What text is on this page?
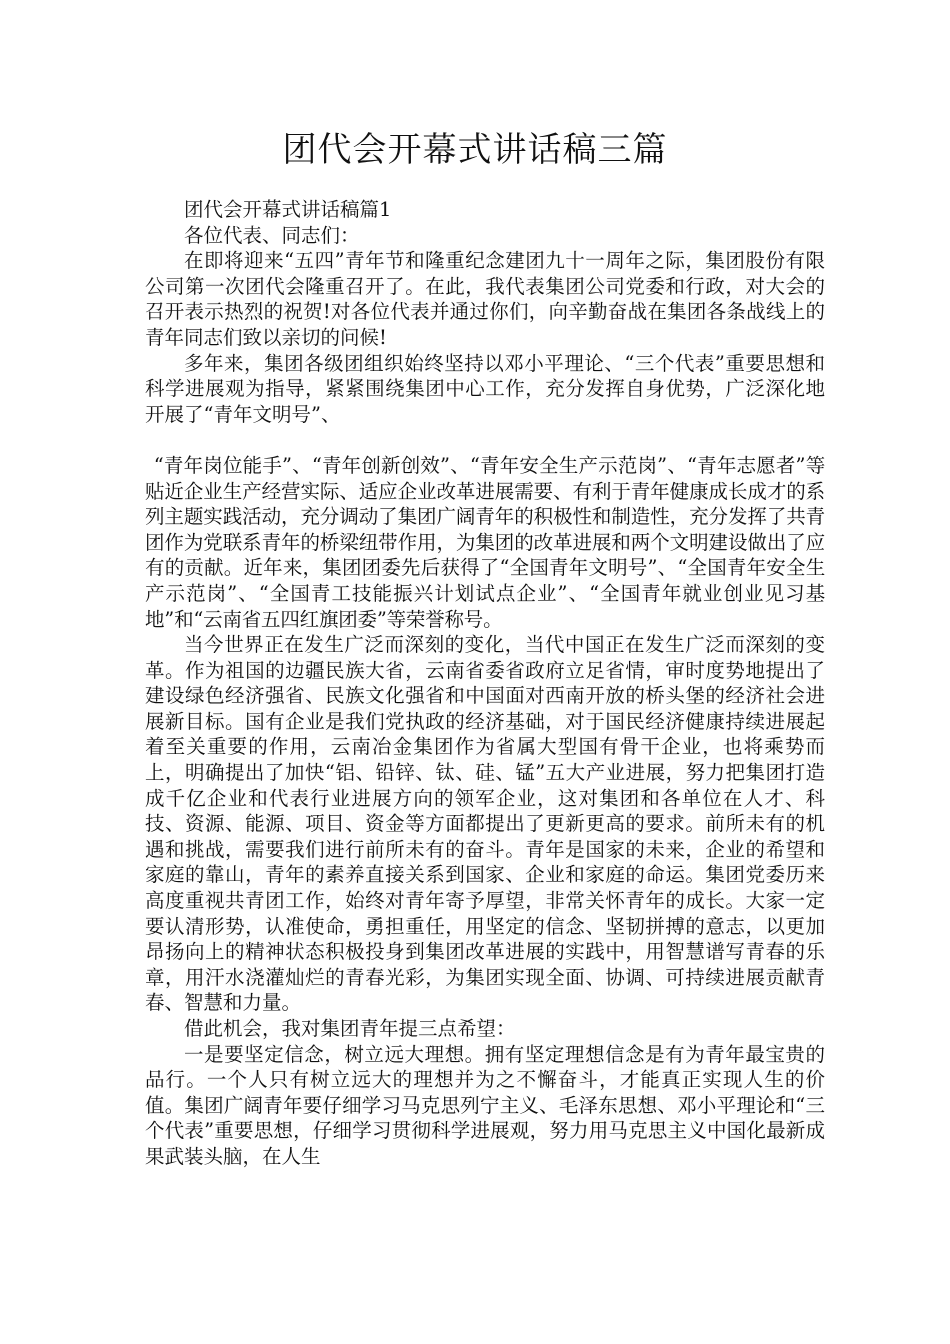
团代会开幕式讲话稿三篇

团代会开幕式讲话稿篇1

各位代表、同志们：

在即将迎来“五四”青年节和隆重纪念建团九十一周年之际，集团股份有限公司第一次团代会隆重召开了。在此，我代表集团公司党委和行政，对大会的召开表示热烈的祝贺!对各位代表并通过你们，向辛勤奋战在集团各条战线上的青年同志们致以亲切的问候!

多年来，集团各级团组织始终坚持以邓小平理论、“三个代表”重要思想和科学进展观为指导，紧紧围绕集团中心工作，充分发挥自身优势，广泛深化地开展了“青年文明号”、

“青年岗位能手”、“青年创新创效”、“青年安全生产示范岗”、“青年志愿者”等贴近企业生产经营实际、适应企业改革进展需要、有利于青年健康成长成才的系列主题实践活动，充分调动了集团广阔青年的积极性和制造性，充分发挥了共青团作为党联系青年的桥梁纽带作用，为集团的改革进展和两个文明建设做出了应有的贡献。近年来，集团团委先后获得了“全国青年文明号”、“全国青年安全生产示范岗”、“全国青工技能振兴计划试点企业”、“全国青年就业创业见习基地”和“云南省五四红旗团委”等荣誉称号。

当今世界正在发生广泛而深刻的变化，当代中国正在发生广泛而深刻的变革。作为祖国的边疆民族大省，云南省委省政府立足省情，审时度势地提出了建设绿色经济强省、民族文化强省和中国面对西南开放的桥头堡的经济社会进展新目标。国有企业是我们党执政的经济基础，对于国民经济健康持续进展起着至关重要的作用，云南冶金集团作为省属大型国有骨干企业，也将乘势而上，明确提出了加快“铝、铅锌、钛、硅、锰”五大产业进展，努力把集团打造成千亿企业和代表行业进展方向的领军企业，这对集团和各单位在人才、科技、资源、能源、项目、资金等方面都提出了更新更高的要求。前所未有的机遇和挑战，需要我们进行前所未有的奋斗。青年是国家的未来，企业的希望和家庭的靠山，青年的素养直接关系到国家、企业和家庭的命运。集团党委历来高度重视共青团工作，始终对青年寄予厚望，非常关怀青年的成长。大家一定要认清形势，认准使命，勇担重任，用坚定的信念、坚韧拼搏的意志，以更加昂扬向上的精神状态积极投身到集团改革进展的实践中，用智慧谱写青春的乐章，用汗水浇灌灿烂的青春光彩，为集团实现全面、协调、可持续进展贡献青春、智慧和力量。

借此机会，我对集团青年提三点希望：

一是要坚定信念，树立远大理想。拥有坚定理想信念是有为青年最宝贵的品行。一个人只有树立远大的理想并为之不懈奋斗，才能真正实现人生的价值。集团广阔青年要仔细学习马克思列宁主义、毛泽东思想、邓小平理论和“三个代表”重要思想，仔细学习贯彻科学进展观，努力用马克思主义中国化最新成果武装头脑，在人生
